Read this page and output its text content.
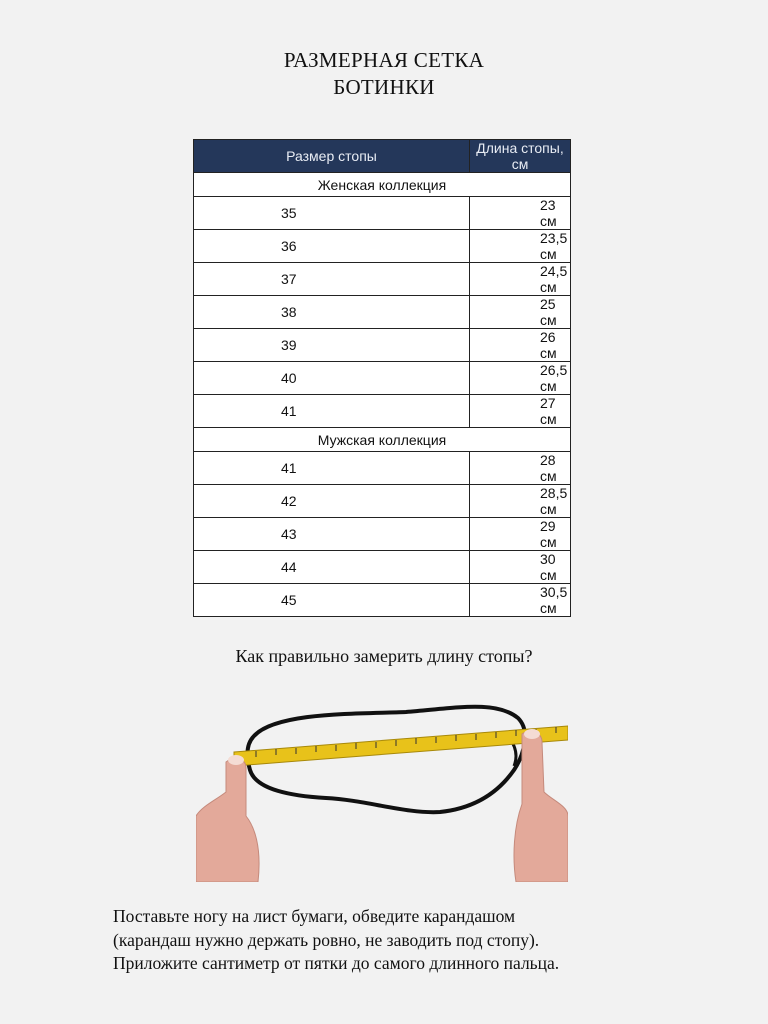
РАЗМЕРНАЯ СЕТКА
БОТИНКИ
Размер стопы	Длина стопы, см
Женская коллекция	
35	23 см
36	23,5 см
37	24,5 см
38	25 см
39	26 см
40	26,5 см
41	27 см
Мужская коллекция	
41	28 см
42	28,5 см
43	29 см
44	30 см
45	30,5 см
Как правильно замерить длину стопы?
Поставьте ногу на лист бумаги, обведите карандашом
(карандаш нужно держать ровно, не заводить под стопу).
Приложите сантиметр от пятки до самого длинного пальца.
